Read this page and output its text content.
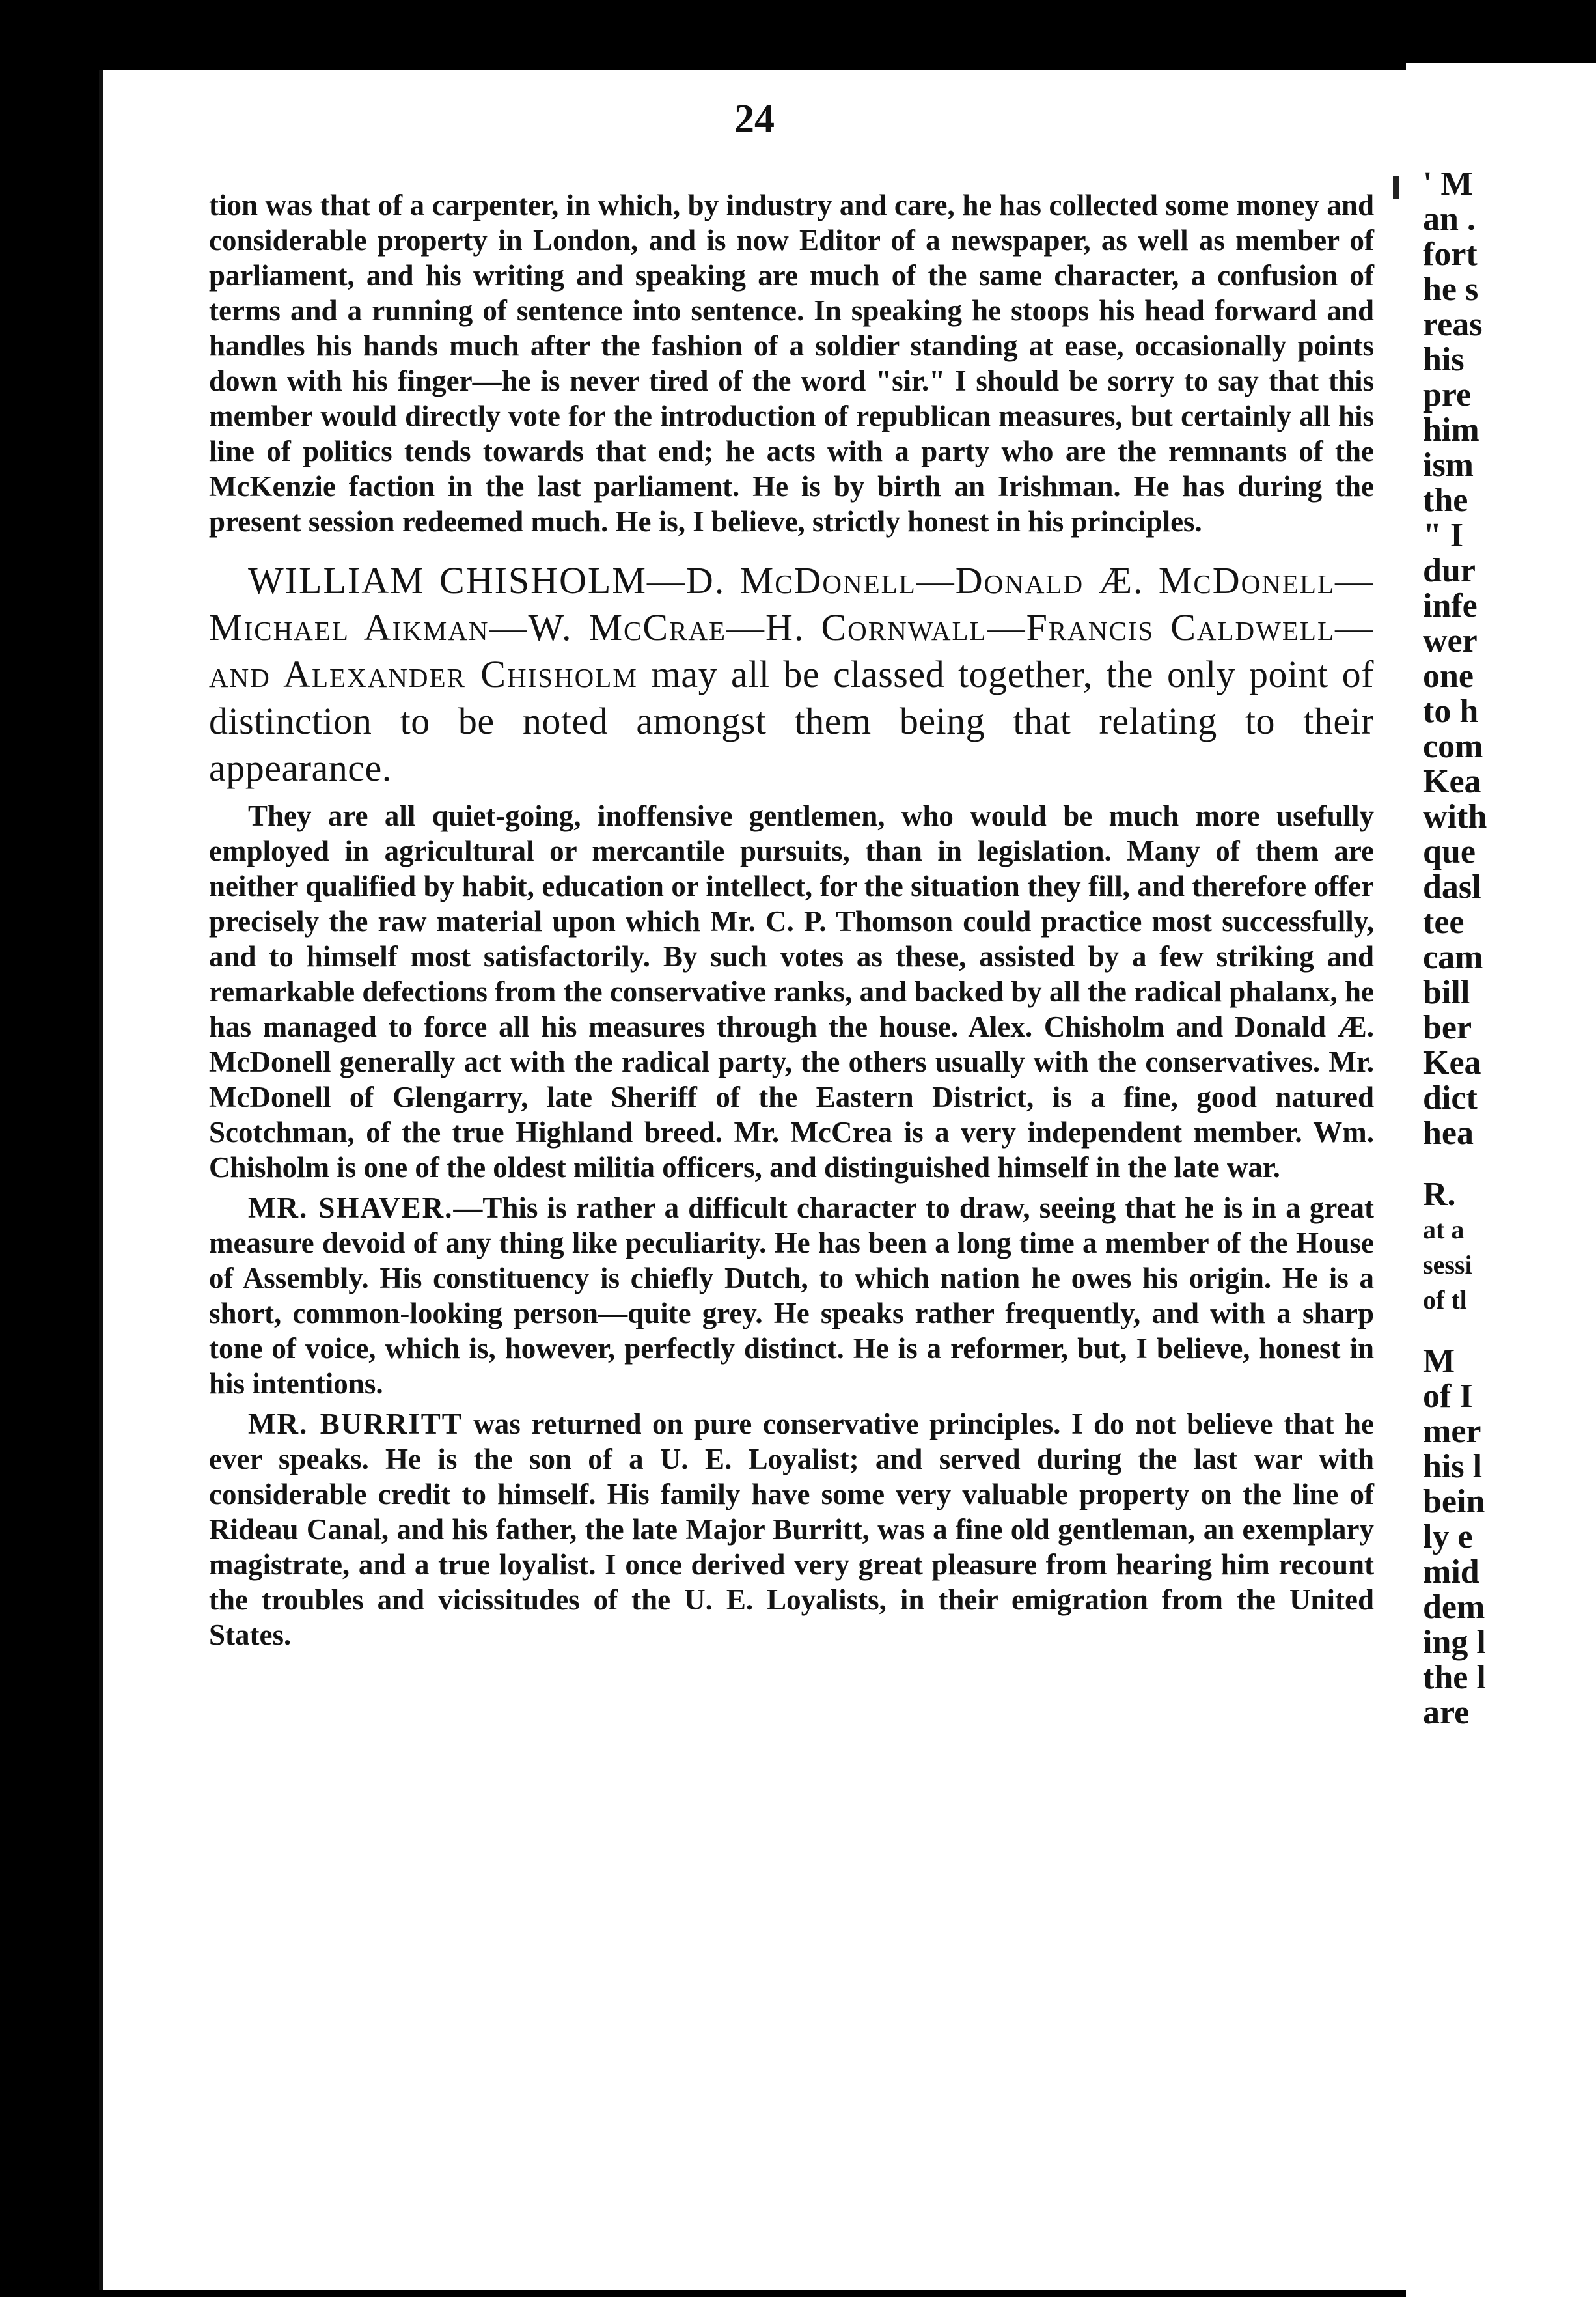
24

tion was that of a carpenter, in which, by industry and care, he has collected some money and considerable property in London, and is now Editor of a newspaper, as well as member of parliament, and his writing and speaking are much of the same character, a confusion of terms and a running of sentence into sentence. In speaking he stoops his head forward and handles his hands much after the fashion of a soldier standing at ease, occasionally points down with his finger—he is never tired of the word "sir." I should be sorry to say that this member would directly vote for the introduction of republican measures, but certainly all his line of politics tends towards that end; he acts with a party who are the remnants of the McKenzie faction in the last parliament. He is by birth an Irishman. He has during the present session redeemed much. He is, I believe, strictly honest in his principles.

WILLIAM CHISHOLM—D. McDonell—Donald Æ. McDonell—Michael Aikman—W. McCrae—H. Cornwall—Francis Caldwell—and Alexander Chisholm may all be classed together, the only point of distinction to be noted amongst them being that relating to their appearance.

They are all quiet-going, inoffensive gentlemen, who would be much more usefully employed in agricultural or mercantile pursuits, than in legislation. Many of them are neither qualified by habit, education or intellect, for the situation they fill, and therefore offer precisely the raw material upon which Mr. C. P. Thomson could practice most successfully, and to himself most satisfactorily. By such votes as these, assisted by a few striking and remarkable defections from the conservative ranks, and backed by all the radical phalanx, he has managed to force all his measures through the house. Alex. Chisholm and Donald Æ. McDonell generally act with the radical party, the others usually with the conservatives. Mr. McDonell of Glengarry, late Sheriff of the Eastern District, is a fine, good natured Scotchman, of the true Highland breed. Mr. McCrea is a very independent member. Wm. Chisholm is one of the oldest militia officers, and distinguished himself in the late war.

MR. SHAVER.—This is rather a difficult character to draw, seeing that he is in a great measure devoid of any thing like peculiarity. He has been a long time a member of the House of Assembly. His constituency is chiefly Dutch, to which nation he owes his origin. He is a short, common-looking person—quite grey. He speaks rather frequently, and with a sharp tone of voice, which is, however, perfectly distinct. He is a reformer, but, I believe, honest in his intentions.

MR. BURRITT was returned on pure conservative principles. I do not believe that he ever speaks. He is the son of a U. E. Loyalist; and served during the last war with considerable credit to himself. His family have some very valuable property on the line of Rideau Canal, and his father, the late Major Burritt, was a fine old gentleman, an exemplary magistrate, and a true loyalist. I once derived very great pleasure from hearing him recount the troubles and vicissitudes of the U. E. Loyalists, in their emigration from the United States.

' M
an .
fort
he s
reas
his
pre
him
ism
the
" I
dur
infe
wer
one
to h
com
Kea
with
que
dasl
tee
cam
bill
ber
Kea
dict
hea
R.
at a
sessi
of tl
M
of I
mer
his l
bein
ly e
mid
dem
ing l
the l
are
